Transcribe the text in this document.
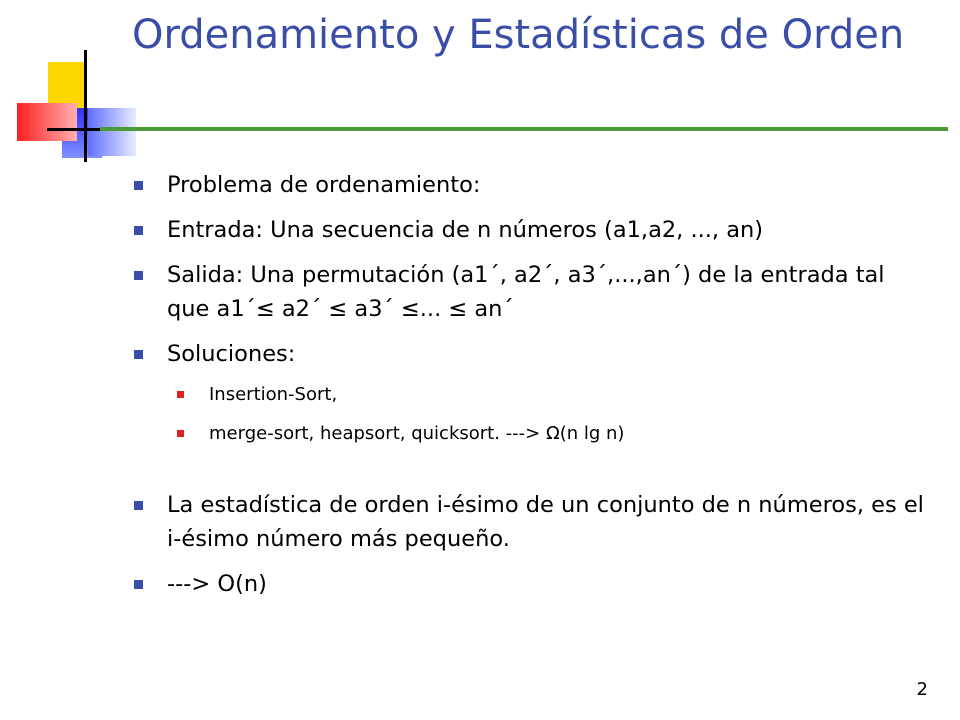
Ordenamiento y Estadísticas de Orden
Problema de ordenamiento:
Entrada: Una secuencia de n números (a1,a2, ..., an)
Salida: Una permutación (a1´, a2´, a3´,...,an´) de la entrada tal que a1´≤ a2´ ≤ a3´ ≤... ≤ an´
Soluciones:
Insertion-Sort,
merge-sort, heapsort, quicksort. ---> Ω(n lg n)
La estadística de orden i-ésimo de un conjunto de n números, es el i-ésimo número más pequeño.
---> O(n)
2
